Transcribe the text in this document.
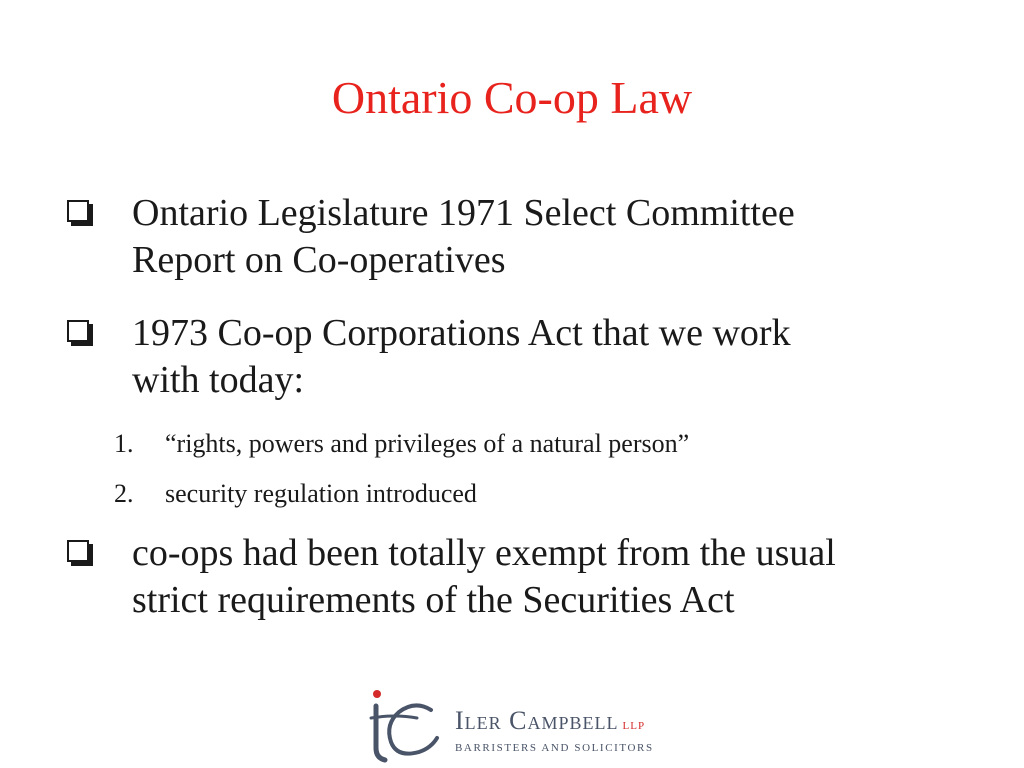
Ontario Co-op Law
Ontario Legislature 1971 Select Committee
Report on Co-operatives
1973 Co-op Corporations Act that we work
with today:
1.	“rights, powers and privileges of a natural person”
2.	security regulation introduced
co-ops had been totally exempt from the usual
strict requirements of the Securities Act
Iler Campbell LLP
BARRISTERS AND SOLICITORS
